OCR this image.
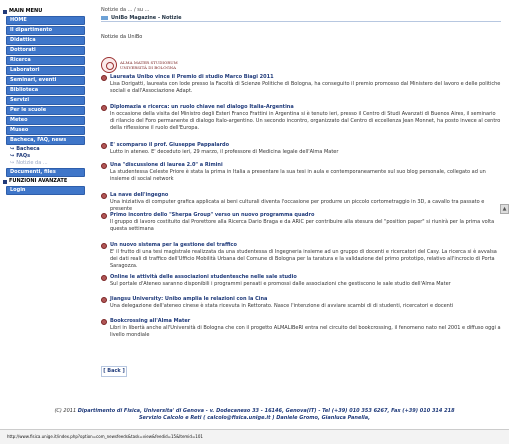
MAIN MENU
HOME
Il dipartimento
Didattica
Dottorati
Ricerca
Laboratori
Seminari, eventi
Biblioteca
Servizi
Per le scuole
Meteo
Museo
Bacheca, FAQ, news
↪ Bacheca
↪ FAQs
↪ Notizie da ...
Documenti, files
FUNZIONI AVANZATE
Login
Notizie da ... / su ...
UniBo Magazine - Notizie
Notizie da UniBo
ALMA MATER STUDIORUM
UNIVERSITÀ DI BOLOGNA
Laureata Unibo vince il Premio di studio Marco Biagi 2011
Lisa Dorigatti, laureata con lode presso la Facoltà di Scienze Politiche di Bologna, ha conseguito il premio promosso dal Ministero del lavoro e delle politiche sociali e dall'Associazione Adapt.
Diplomazia e ricerca: un ruolo chiave nel dialogo Italia-Argentina
In occasione della visita del Ministro degli Esteri Franco Frattini in Argentina si è tenuto ieri, presso il Centro di Studi Avanzati di Buenos Aires, il seminario di rilancio del Foro permanente di dialogo Italo-argentino. Un secondo incontro, organizzato dal Centro di eccellenza Jean Monnet, ha posto invece al centro della riflessione il ruolo dell'Europa.
E' scomparso il prof. Giuseppe Pappalardo
Lutto in ateneo. E' deceduto ieri, 29 marzo, il professore di Medicina legale dell'Alma Mater
Una "discussione di laurea 2.0" a Rimini
La studentessa Celeste Priore è stata la prima in Italia a presentare la sua tesi in aula e contemporaneamente sul suo blog personale, collegato ad un insieme di social network
La nave dell'ingegno
Una iniziativa di computer grafica applicata ai beni culturali diventa l'occasione per produrre un piccolo cortometraggio in 3D, a cavallo tra passato e presente
Primo incontro dello "Sherpa Group" verso un nuovo programma quadro
Il gruppo di lavoro costituito dal Prorettore alla Ricerca Dario Braga e da ARIC per contribuire alla stesura del "position paper" si riunirà per la prima volta questa settimana
Un nuovo sistema per la gestione del traffico
E' il frutto di una tesi magistrale realizzata da una studentessa di Ingegneria insieme ad un gruppo di docenti e ricercatori del Casy. La ricerca si è avvalsa dei dati reali di traffico dell'Ufficio Mobilità Urbana del Comune di Bologna per la taratura e la validazione del primo prototipo, relativo all'incrocio di Porta Saragozza.
Online le attività delle associazioni studentesche nelle sale studio
Sul portale d'Ateneo saranno disponibili i programmi pensati e promossi dalle associazioni che gestiscono le sale studio dell'Alma Mater
Jiangsu University: Unibo amplia le relazioni con la Cina
Una delegazione dell'ateneo cinese è stata ricevuta in Rettorato. Nasce l'intenzione di avviare scambi di di studenti, ricercatori e docenti
Bookcrossing all'Alma Mater
Libri in libertà anche all'Università di Bologna che con il progetto ALMALIBeRI entra nel circuito del bookcrossing, il fenomeno nato nel 2001 e diffuso oggi a livello mondiale
[ Back ]
▲
(C) 2011 Dipartimento di Fisica, Universita' di Genova - v. Dodecaneso 33 - 16146, Genova(IT) - Tel (+39) 010 353 6267, Fax (+39) 010 314 218
Servizio Calcolo e Reti ( calcolo@fisica.unige.it ) Daniele Gromo, Gianluca Panella,
http://www.fisica.unige.it/index.php?option=com_newsfeeds&task=view&feedid=15&Itemid=101
